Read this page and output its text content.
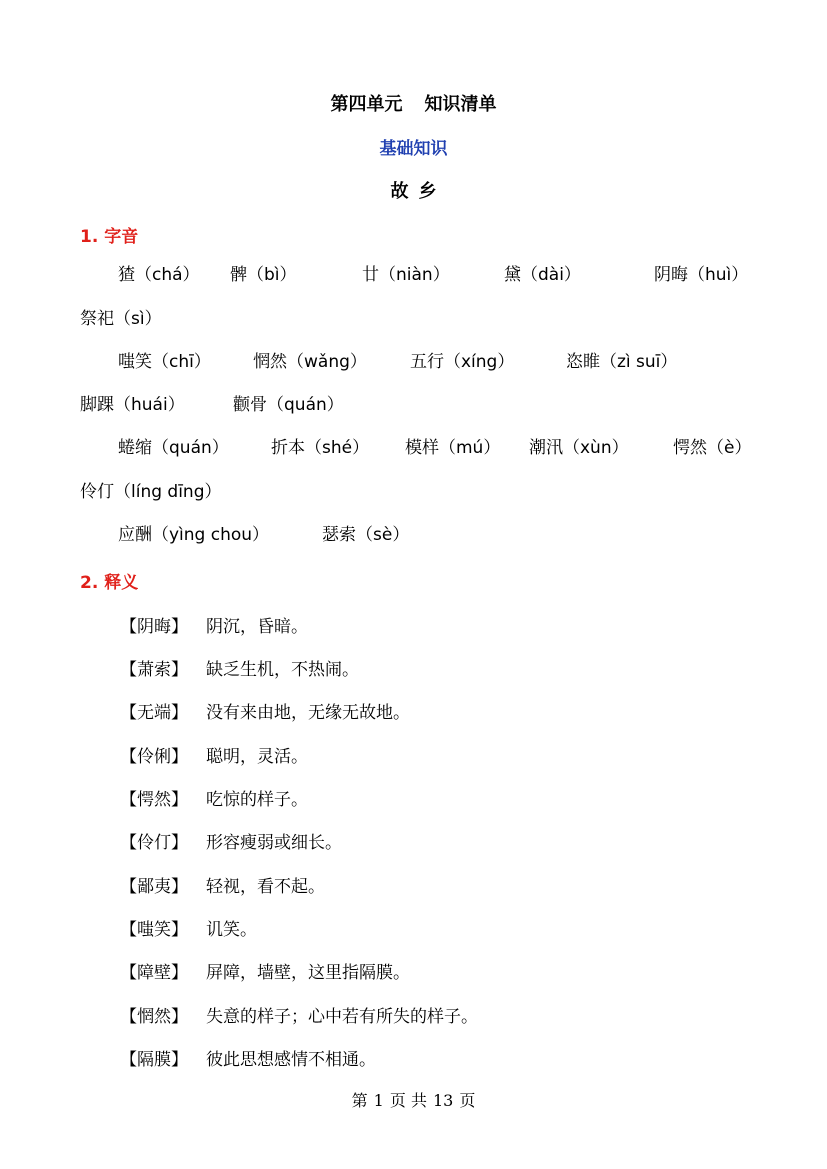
第四单元 知识清单
基础知识
故乡
1. 字音
猹（chá） 髀（bì）	廿（niàn）	黛（dài）	阴晦（huì）
祭祀（sì）
嗤笑（chī） 惘然（wǎng）	五行（xíng）	恣睢（zì suī）
脚踝（huái）	颧骨（quán）
蜷缩（quán） 折本（shé） 模样（mú） 潮汛（xùn）	愕然（è）
伶仃（líng dīng）
应酬（yìng chou）	瑟索（sè）
2. 释义
【阴晦】 阴沉，昏暗。
【萧索】 缺乏生机，不热闹。
【无端】 没有来由地，无缘无故地。
【伶俐】 聪明，灵活。
【愕然】 吃惊的样子。
【伶仃】 形容瘦弱或细长。
【鄙夷】 轻视，看不起。
【嗤笑】 讥笑。
【障壁】 屏障，墙壁，这里指隔膜。
【惘然】 失意的样子；心中若有所失的样子。
【隔膜】 彼此思想感情不相通。
第 1 页 共 13 页
